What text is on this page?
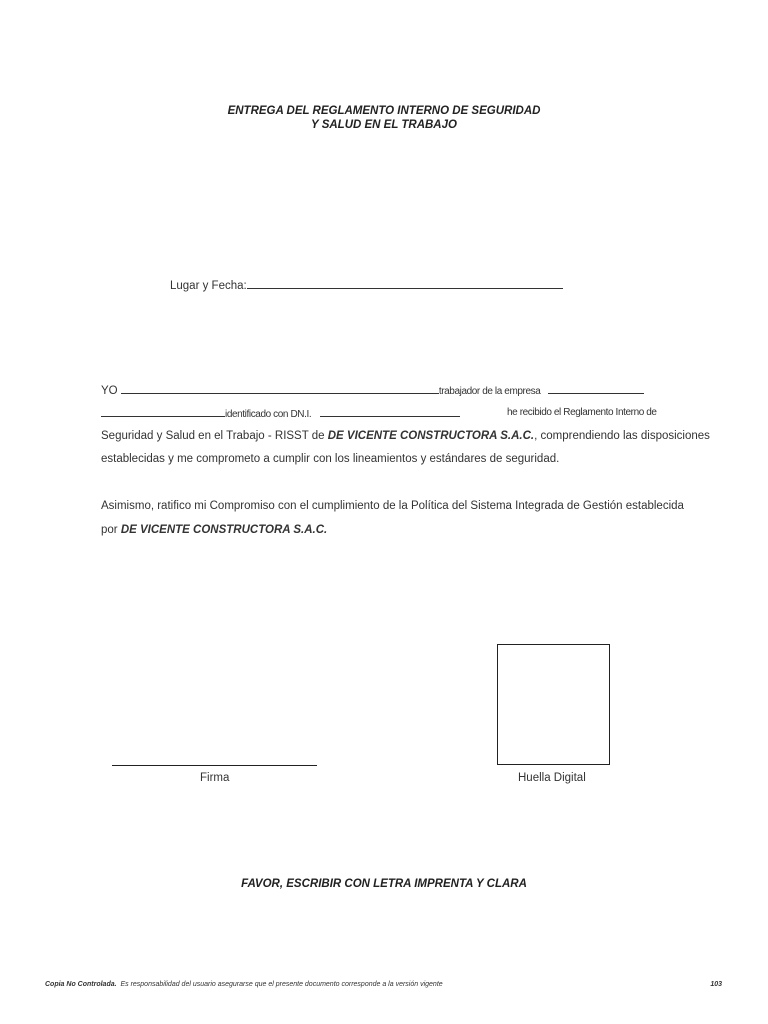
ENTREGA DEL REGLAMENTO INTERNO DE SEGURIDAD
Y SALUD EN EL TRABAJO
Lugar y Fecha:
YO	trabajador de la empresa
identificado con DN.I.	he recibido el Reglamento Interno de
Seguridad y Salud en el Trabajo - RISST de DE VICENTE CONSTRUCTORA S.A.C., comprendiendo las disposiciones
establecidas y me comprometo a cumplir con los lineamientos y estándares de seguridad.
Asimismo, ratifico mi Compromiso con el cumplimiento de la Política del Sistema Integrada de Gestión establecida
por DE VICENTE CONSTRUCTORA S.A.C.
Firma	Huella Digital
FAVOR, ESCRIBIR CON LETRA IMPRENTA Y CLARA
Copia No Controlada. Es responsabilidad del usuario asegurarse que el presente documento corresponde a la versión vigente	103
